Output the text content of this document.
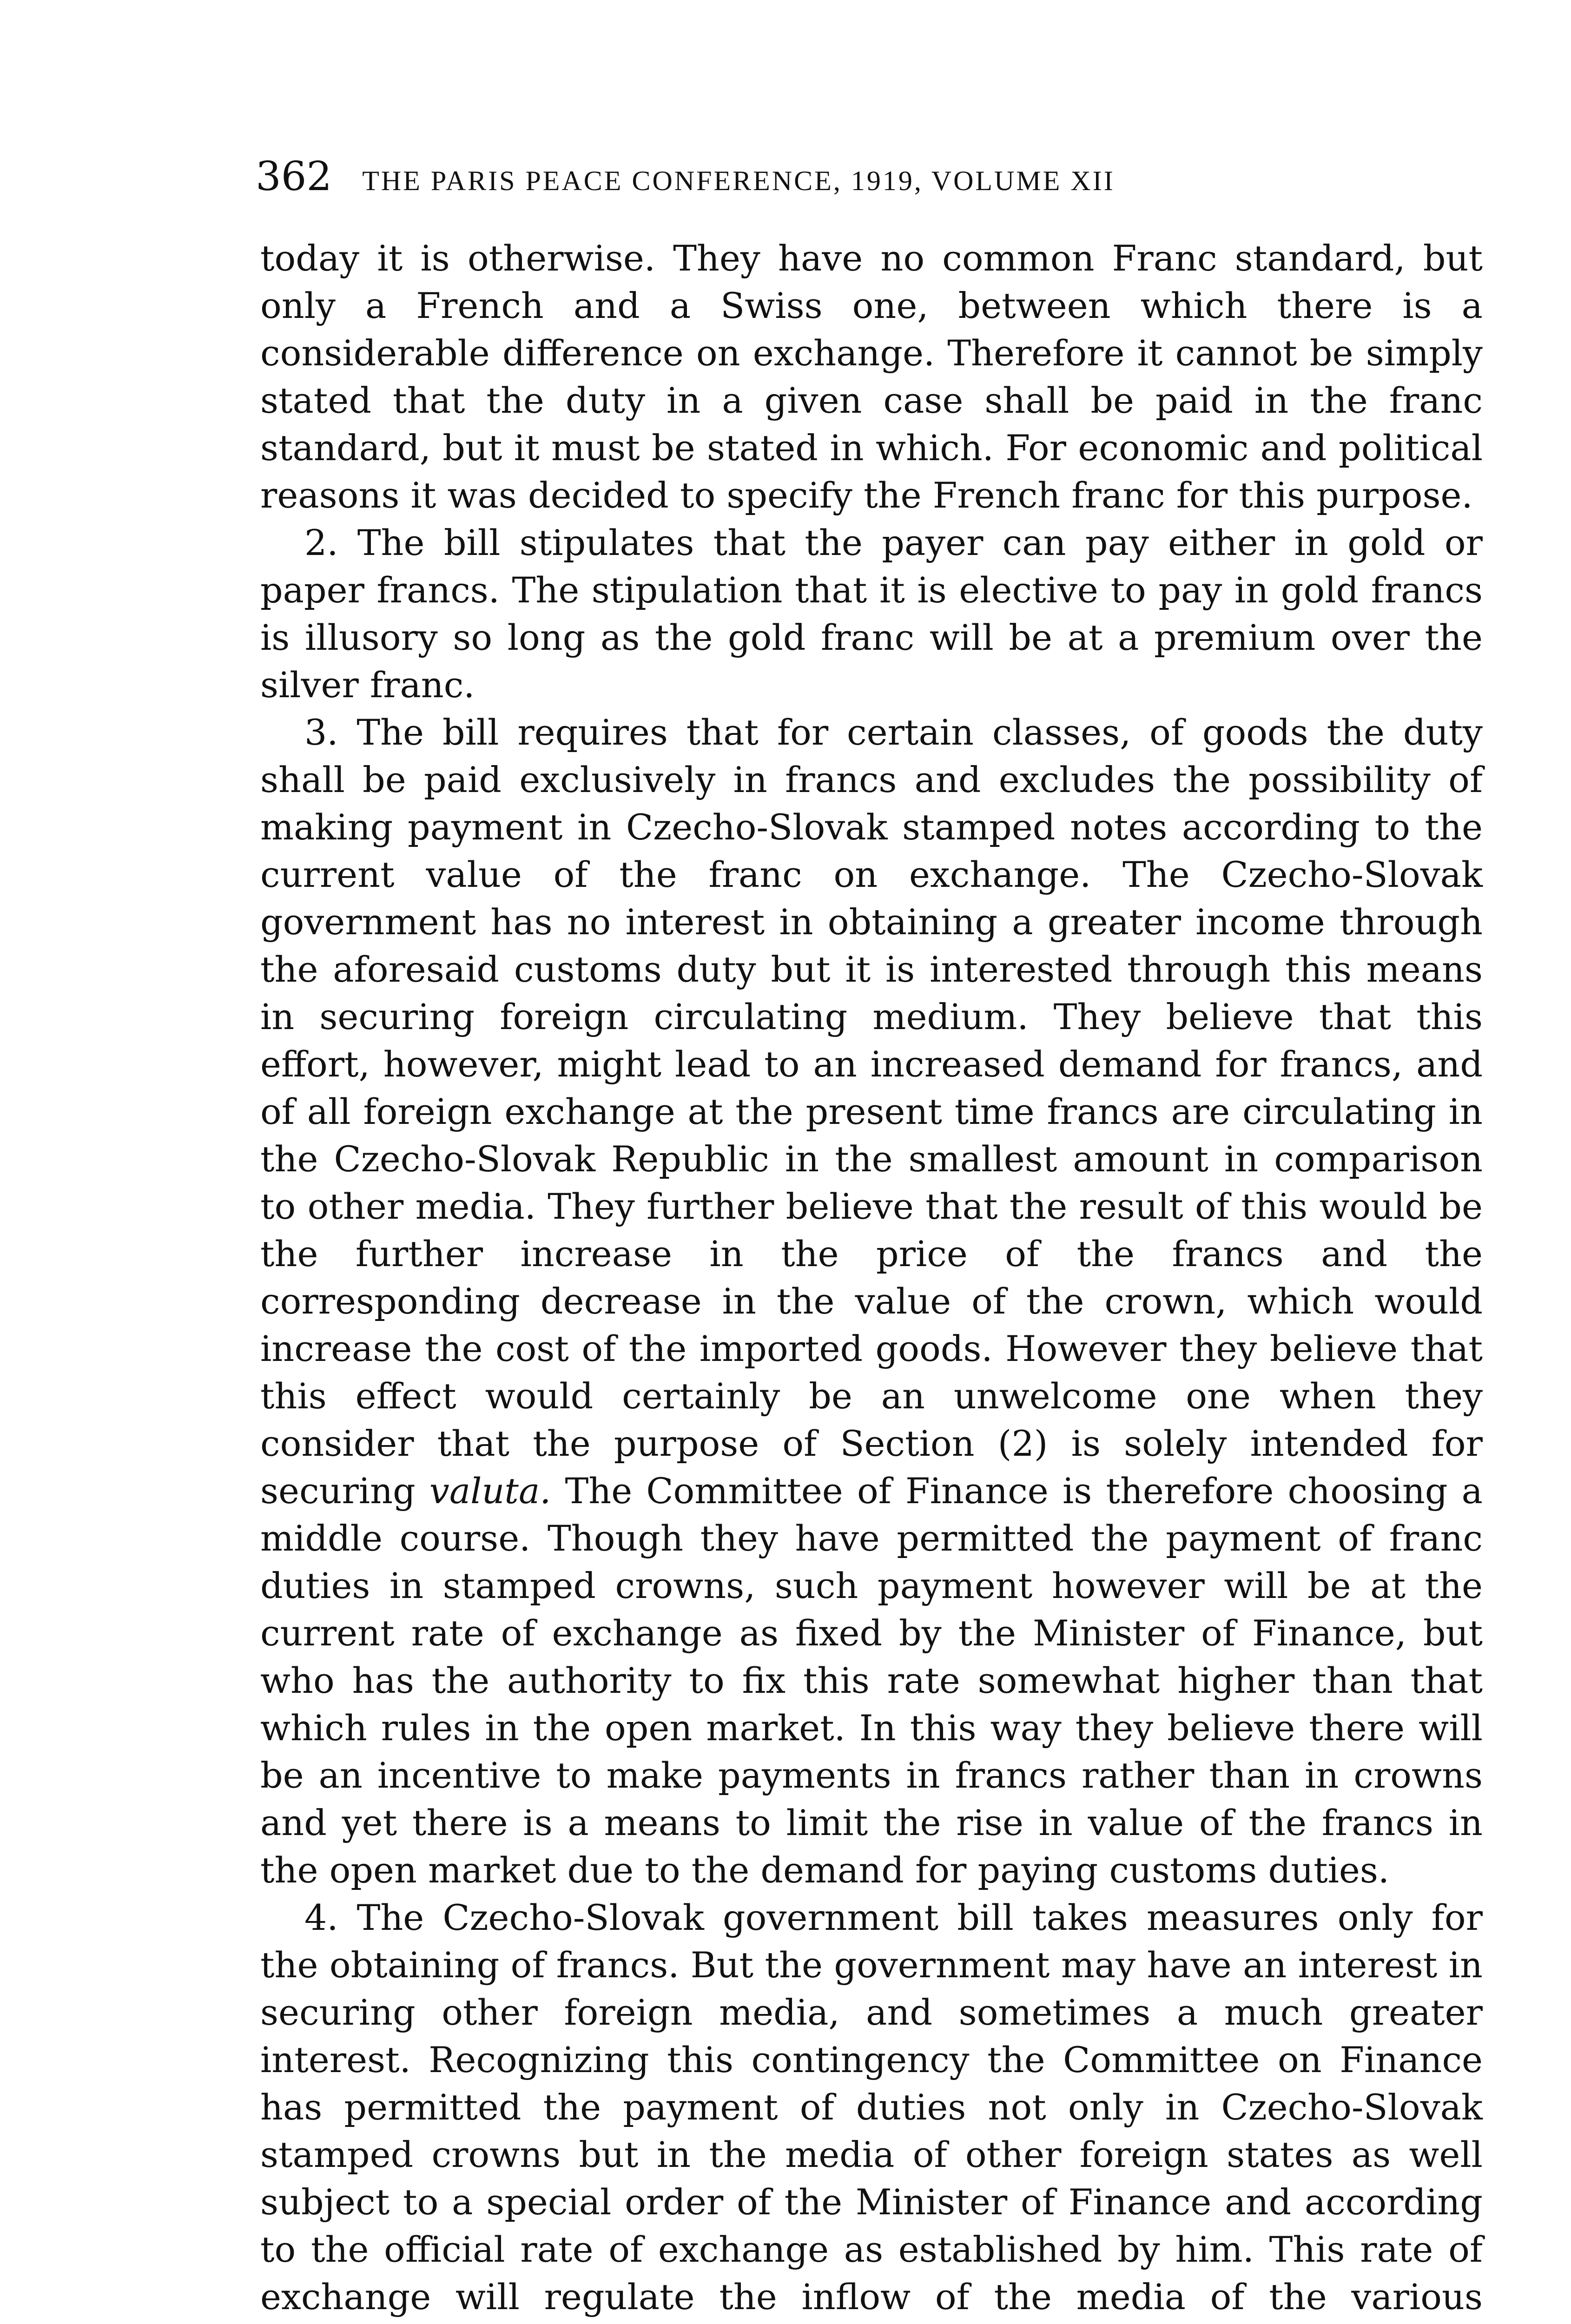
362 THE PARIS PEACE CONFERENCE, 1919, VOLUME XII

today it is otherwise. They have no common Franc standard, but only a French and a Swiss one, between which there is a considerable difference on exchange. Therefore it cannot be simply stated that the duty in a given case shall be paid in the franc standard, but it must be stated in which. For economic and political reasons it was decided to specify the French franc for this purpose.

2. The bill stipulates that the payer can pay either in gold or paper francs. The stipulation that it is elective to pay in gold francs is illusory so long as the gold franc will be at a premium over the silver franc.

3. The bill requires that for certain classes, of goods the duty shall be paid exclusively in francs and excludes the possibility of making payment in Czecho-Slovak stamped notes according to the current value of the franc on exchange. The Czecho-Slovak government has no interest in obtaining a greater income through the aforesaid customs duty but it is interested through this means in securing foreign circulating medium. They believe that this effort, however, might lead to an increased demand for francs, and of all foreign exchange at the present time francs are circulating in the Czecho-Slovak Republic in the smallest amount in comparison to other media. They further believe that the result of this would be the further increase in the price of the francs and the corresponding decrease in the value of the crown, which would increase the cost of the imported goods. However they believe that this effect would certainly be an unwelcome one when they consider that the purpose of Section (2) is solely intended for securing valuta. The Committee of Finance is therefore choosing a middle course. Though they have permitted the payment of franc duties in stamped crowns, such payment however will be at the current rate of exchange as fixed by the Minister of Finance, but who has the authority to fix this rate somewhat higher than that which rules in the open market. In this way they believe there will be an incentive to make payments in francs rather than in crowns and yet there is a means to limit the rise in value of the francs in the open market due to the demand for paying customs duties.

4. The Czecho-Slovak government bill takes measures only for the obtaining of francs. But the government may have an interest in securing other foreign media, and sometimes a much greater interest. Recognizing this contingency the Committee on Finance has permitted the payment of duties not only in Czecho-Slovak stamped crowns but in the media of other foreign states as well subject to a special order of the Minister of Finance and according to the official rate of exchange as established by him. This rate of exchange will regulate the inflow of the media of the various
